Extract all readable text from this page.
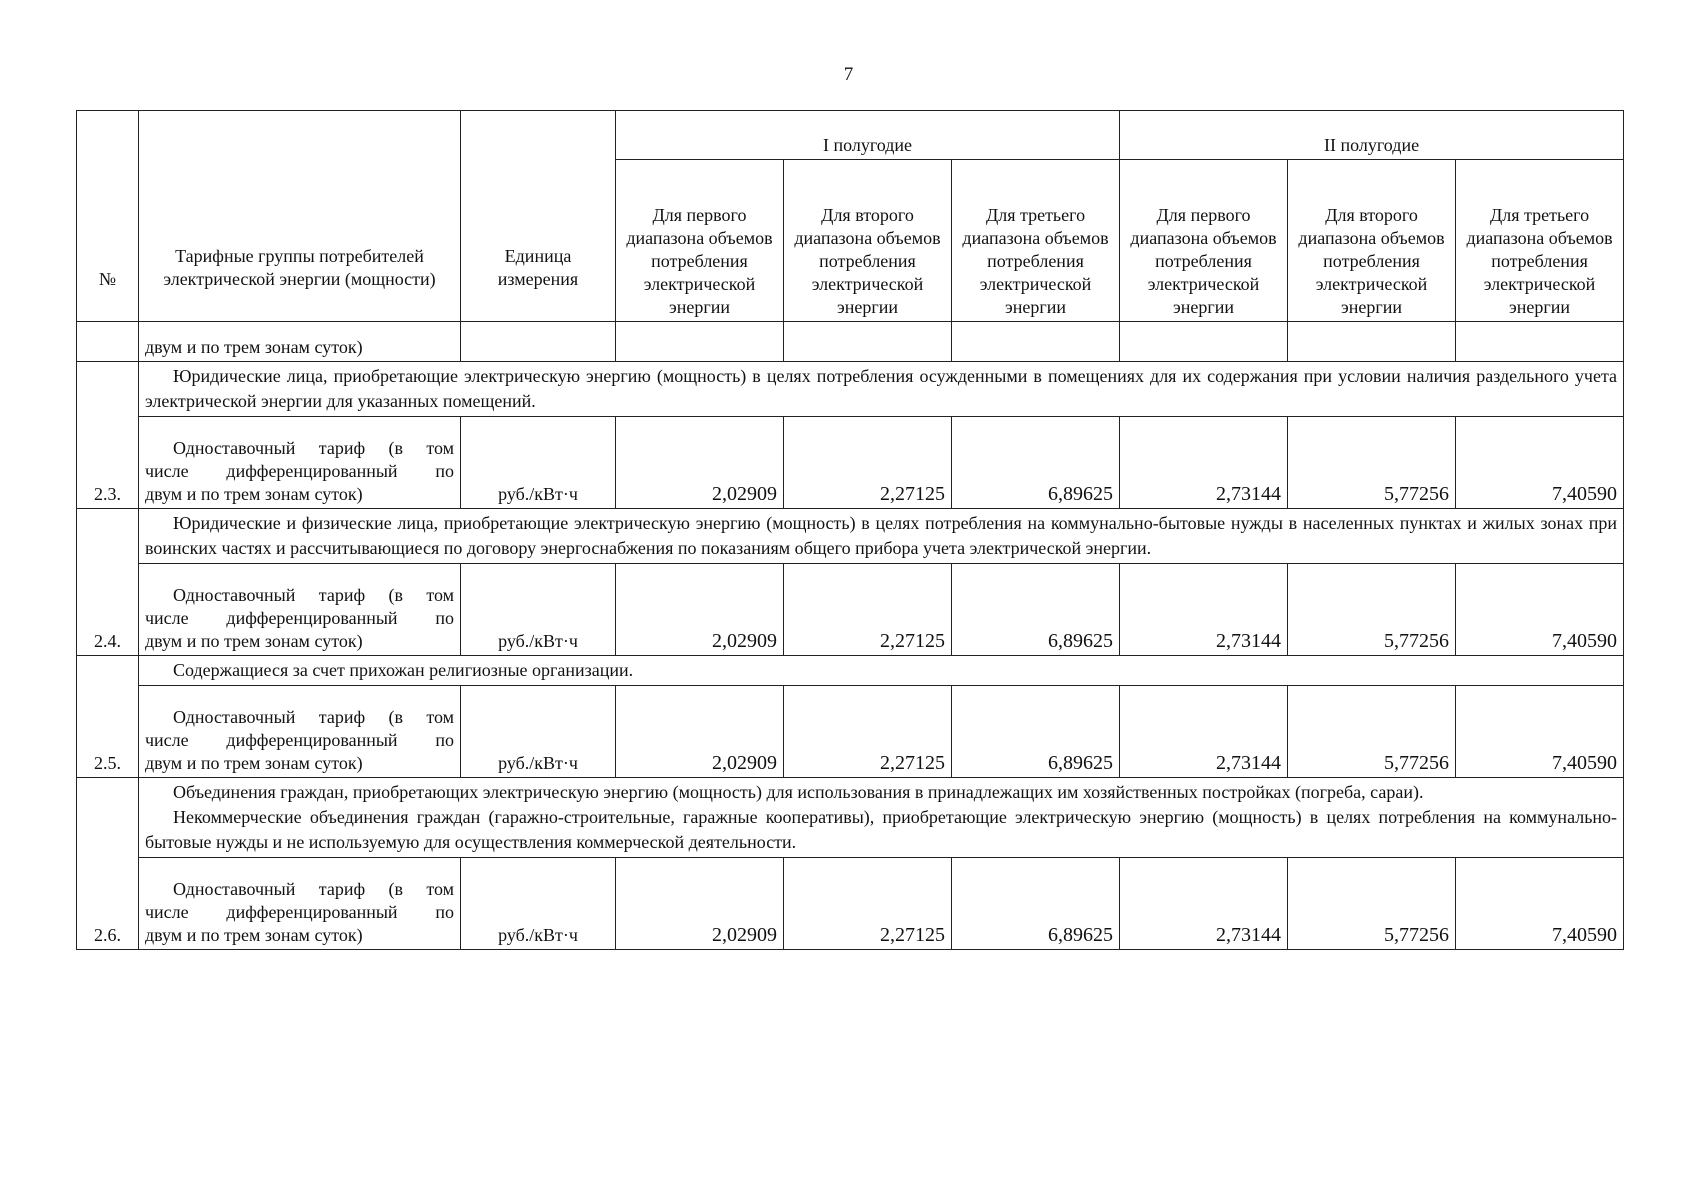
7
№	Тарифные группы потребителей электрической энергии (мощности)	Единица измерения	I полугодие			II полугодие		
			Для первого диапазона объемов потребления электрической энергии	Для второго диапазона объемов потребления электрической энергии	Для третьего диапазона объемов потребления электрической энергии	Для первого диапазона объемов потребления электрической энергии	Для второго диапазона объемов потребления электрической энергии	Для третьего диапазона объемов потребления электрической энергии
	двум и по трем зонам суток)							
2.3.	Юридические лица, приобретающие электрическую энергию (мощность) в целях потребления осужденными в помещениях для их содержания при условии наличия раздельного учета электрической энергии для указанных помещений.							

	Одноставочный тариф (в том
числе дифференцированный по
двум и по трем зонам суток)	руб./кВт·ч	2,02909	2,27125	6,89625	2,73144	5,77256	7,40590
2.4.	Юридические и физические лица, приобретающие электрическую энергию (мощность) в целях потребления на коммунально-бытовые нужды в населенных пунктах и жилых зонах при воинских частях и рассчитывающиеся по договору энергоснабжения по показаниям общего прибора учета электрической энергии.							

	Одноставочный тариф (в том
числе дифференцированный по
двум и по трем зонам суток)	руб./кВт·ч	2,02909	2,27125	6,89625	2,73144	5,77256	7,40590
2.5.	Содержащиеся за счет прихожан религиозные организации.							

	Одноставочный тариф (в том
числе дифференцированный по
двум и по трем зонам суток)	руб./кВт·ч	2,02909	2,27125	6,89625	2,73144	5,77256	7,40590
2.6.	Объединения граждан, приобретающих электрическую энергию (мощность) для использования в принадлежащих им хозяйственных постройках (погреба, сараи).

Некоммерческие объединения граждан (гаражно-строительные, гаражные кооперативы), приобретающие электрическую энергию (мощность) в целях потребления на коммунально-бытовые нужды и не используемую для осуществления коммерческой деятельности.							

	Одноставочный тариф (в том
числе дифференцированный по
двум и по трем зонам суток)	руб./кВт·ч	2,02909	2,27125	6,89625	2,73144	5,77256	7,40590
